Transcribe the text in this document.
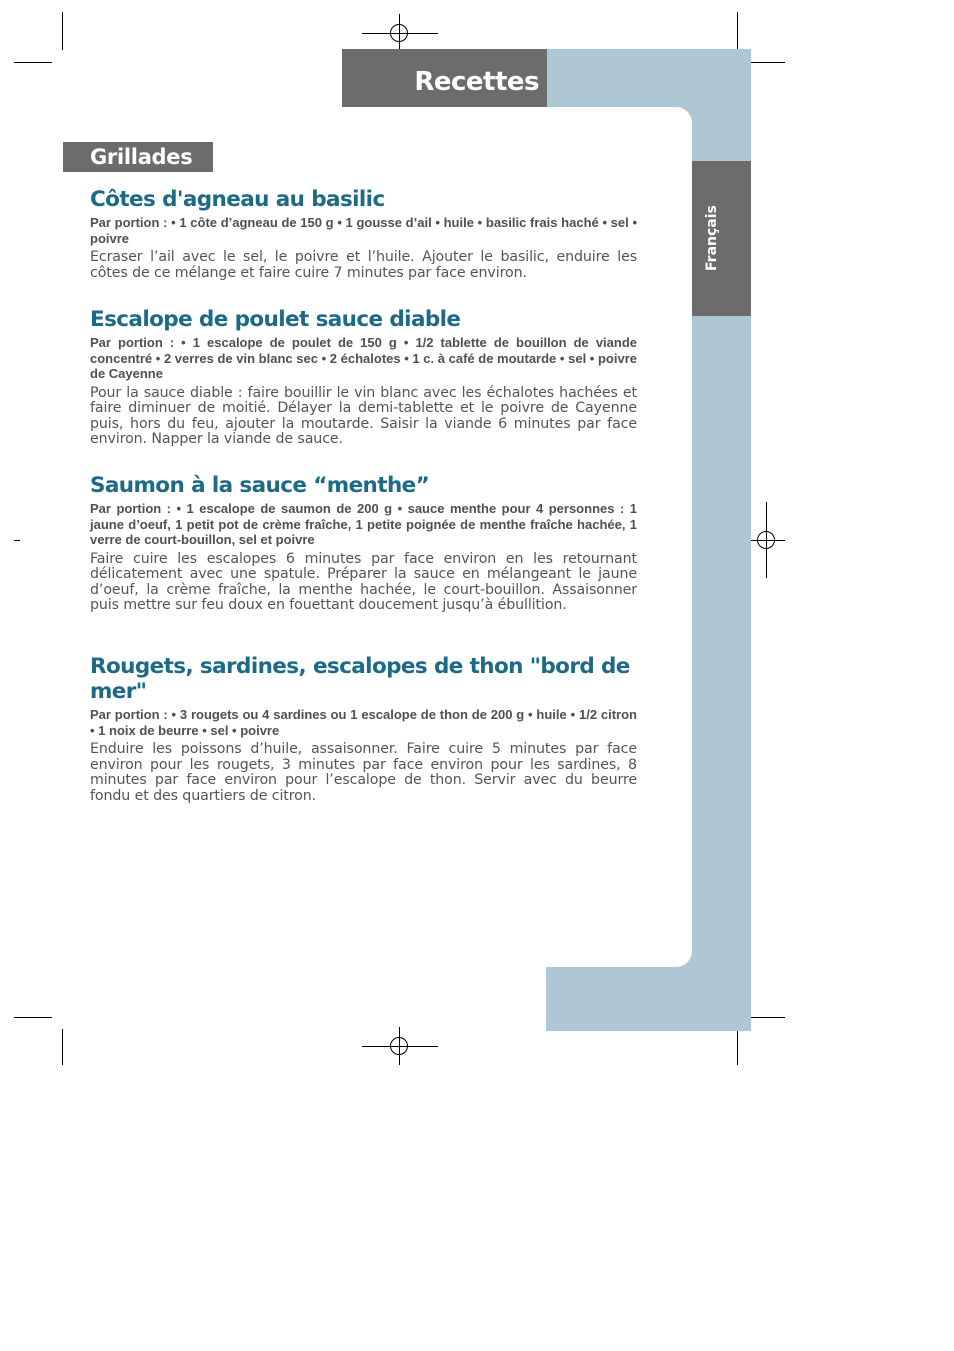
Recettes
Français
Grillades
Côtes d'agneau au basilic

Par portion : • 1 côte d’agneau de 150 g • 1 gousse d’ail • huile • basilic frais haché • sel • poivre

Ecraser l’ail avec le sel, le poivre et l’huile. Ajouter le basilic, enduire les côtes de ce mélange et faire cuire 7 minutes par face environ.

Escalope de poulet sauce diable

Par portion : • 1 escalope de poulet de 150 g • 1/2 tablette de bouillon de viande concentré • 2 verres de vin blanc sec • 2 échalotes • 1 c. à café de moutarde • sel • poivre de Cayenne

Pour la sauce diable : faire bouillir le vin blanc avec les échalotes hachées et faire diminuer de moitié. Délayer la demi-tablette et le poivre de Cayenne puis, hors du feu, ajouter la moutarde. Saisir la viande 6 minutes par face environ. Napper la viande de sauce.

Saumon à la sauce “menthe”

Par portion : • 1 escalope de saumon de 200 g • sauce menthe pour 4 personnes : 1 jaune d’oeuf, 1 petit pot de crème fraîche, 1 petite poignée de menthe fraîche hachée, 1 verre de court-bouillon, sel et poivre

Faire cuire les escalopes 6 minutes par face environ en les retournant délicatement avec une spatule. Préparer la sauce en mélangeant le jaune d’oeuf, la crème fraîche, la menthe hachée, le court-bouillon. Assaisonner puis mettre sur feu doux en fouettant doucement jusqu’à ébullition.

Rougets, sardines, escalopes de thon "bord de mer"

Par portion : • 3 rougets ou 4 sardines ou 1 escalope de thon de 200 g • huile • 1/2 citron • 1 noix de beurre • sel • poivre

Enduire les poissons d’huile, assaisonner. Faire cuire 5 minutes par face environ pour les rougets, 3 minutes par face environ pour les sardines, 8 minutes par face environ pour l’escalope de thon. Servir avec du beurre fondu et des quartiers de citron.
